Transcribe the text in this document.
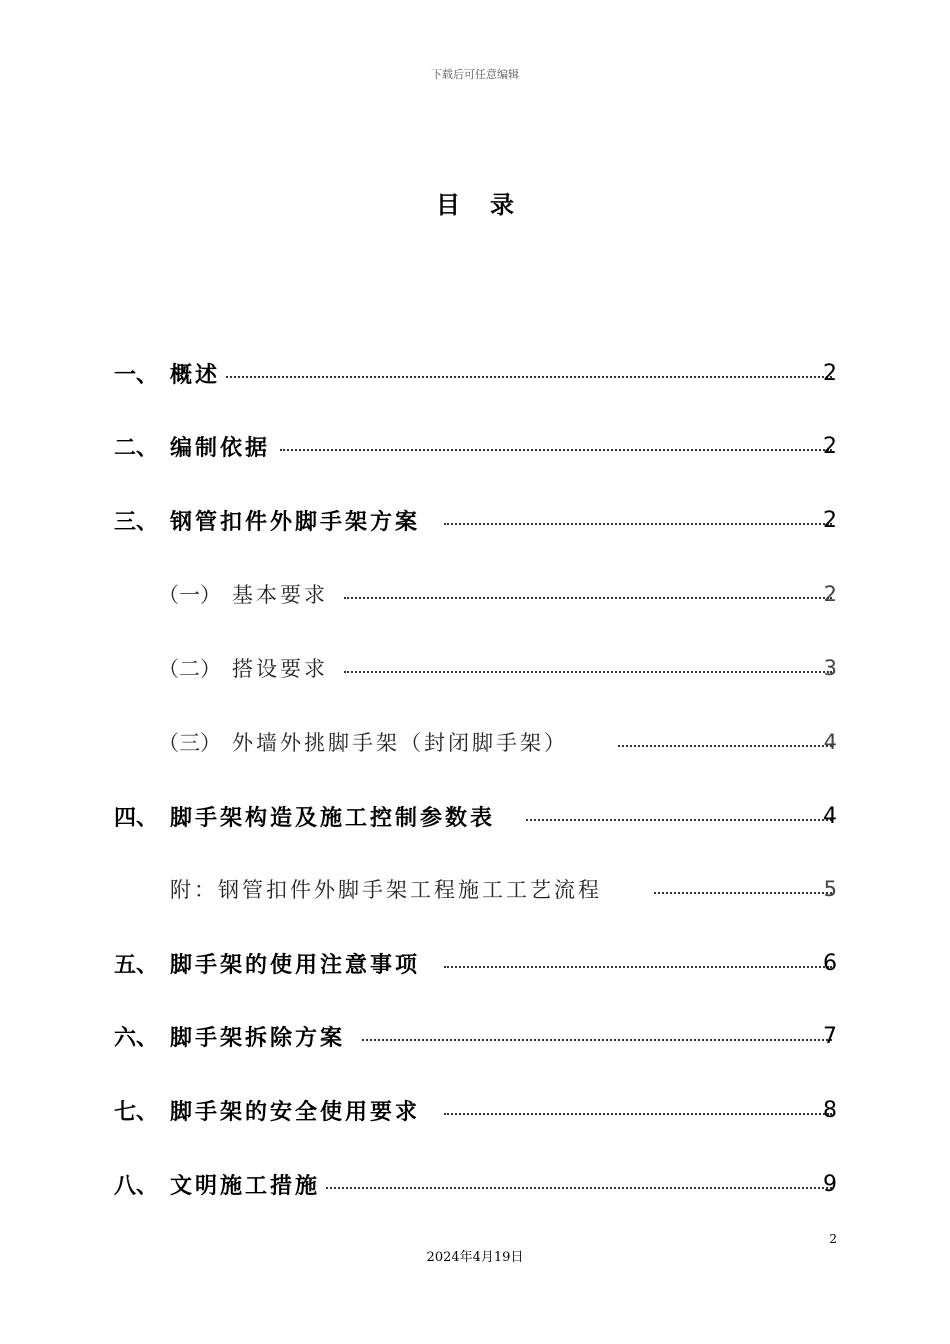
下载后可任意编辑
目录
一、 概述	2
二、 编制依据	2
三、 钢管扣件外脚手架方案	2
（一） 基本要求	2
（二） 搭设要求	3
（三） 外墙外挑脚手架（封闭脚手架）	4
四、 脚手架构造及施工控制参数表	4
附：钢管扣件外脚手架工程施工工艺流程	5
五、 脚手架的使用注意事项	6
六、 脚手架拆除方案	7
七、 脚手架的安全使用要求	8
八、 文明施工措施	9
2
2024年4月19日
